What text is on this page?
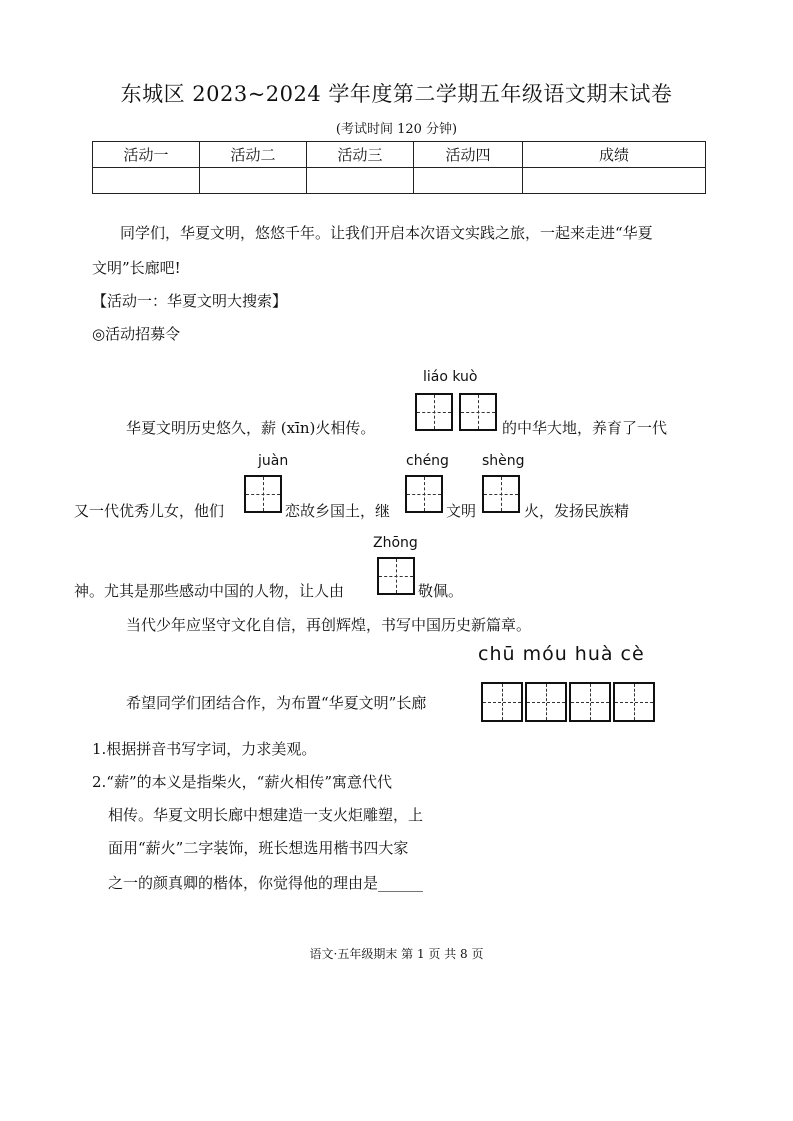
东城区 2023~2024 学年度第二学期五年级语文期末试卷
(考试时间 120 分钟)
活动一	活动二	活动三	活动四	成绩

同学们，华夏文明，悠悠千年。让我们开启本次语文实践之旅，一起来走进“华夏
文明”长廊吧!
【活动一：华夏文明大搜索】
◎活动招募令
liáo kuò
华夏文明历史悠久，薪 (xīn)火相传。	的中华大地，养育了一代
juàn	chéng shèng
又一代优秀儿女，他们	恋故乡国土，继	文明	火，发扬民族精
Zhōng
神。尤其是那些感动中国的人物，让人由	敬佩。
当代少年应坚守文化自信，再创辉煌，书写中国历史新篇章。
chū móu huà cè
希望同学们团结合作，为布置“华夏文明”长廊
1.根据拼音书写字词，力求美观。
2.“薪”的本义是指柴火，“薪火相传”寓意代代
相传。华夏文明长廊中想建造一支火炬雕塑，上
面用“薪火”二字装饰，班长想选用楷书四大家
之一的颜真卿的楷体，你觉得他的理由是______
语文·五年级期末 第 1 页 共 8 页
